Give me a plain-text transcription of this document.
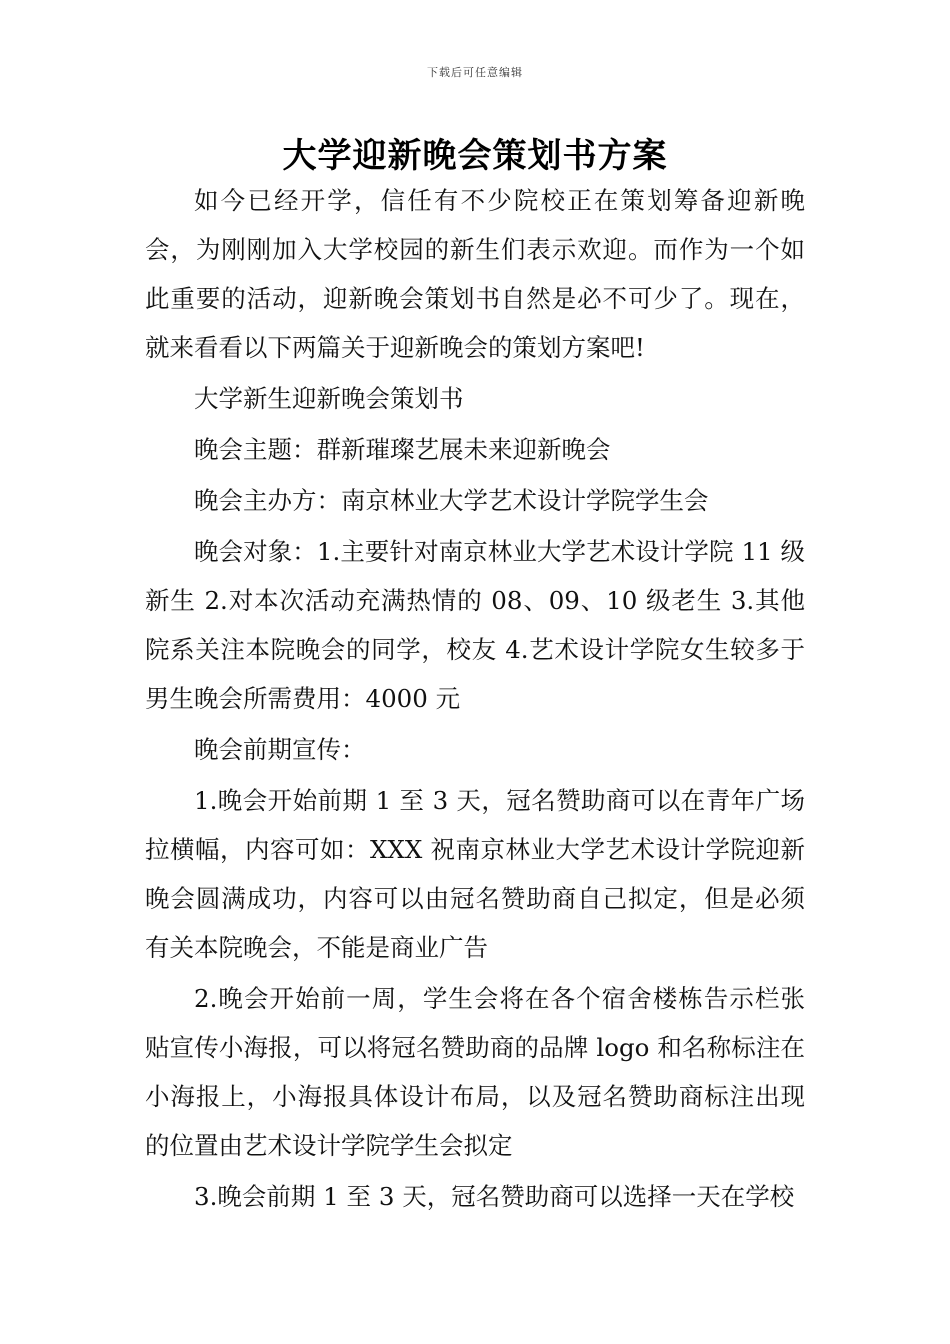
下载后可任意编辑
大学迎新晚会策划书方案

如今已经开学，信任有不少院校正在策划筹备迎新晚会，为刚刚加入大学校园的新生们表示欢迎。而作为一个如此重要的活动，迎新晚会策划书自然是必不可少了。现在，就来看看以下两篇关于迎新晚会的策划方案吧!

大学新生迎新晚会策划书

晚会主题：群新璀璨艺展未来迎新晚会

晚会主办方：南京林业大学艺术设计学院学生会

晚会对象：1.主要针对南京林业大学艺术设计学院 11 级新生 2.对本次活动充满热情的 08、09、10 级老生 3.其他院系关注本院晚会的同学，校友 4.艺术设计学院女生较多于男生晚会所需费用：4000 元

晚会前期宣传：

1.晚会开始前期 1 至 3 天，冠名赞助商可以在青年广场拉横幅，内容可如：XXX 祝南京林业大学艺术设计学院迎新晚会圆满成功，内容可以由冠名赞助商自己拟定，但是必须有关本院晚会，不能是商业广告

2.晚会开始前一周，学生会将在各个宿舍楼栋告示栏张贴宣传小海报，可以将冠名赞助商的品牌 logo 和名称标注在小海报上，小海报具体设计布局，以及冠名赞助商标注出现的位置由艺术设计学院学生会拟定

3.晚会前期 1 至 3 天，冠名赞助商可以选择一天在学校
